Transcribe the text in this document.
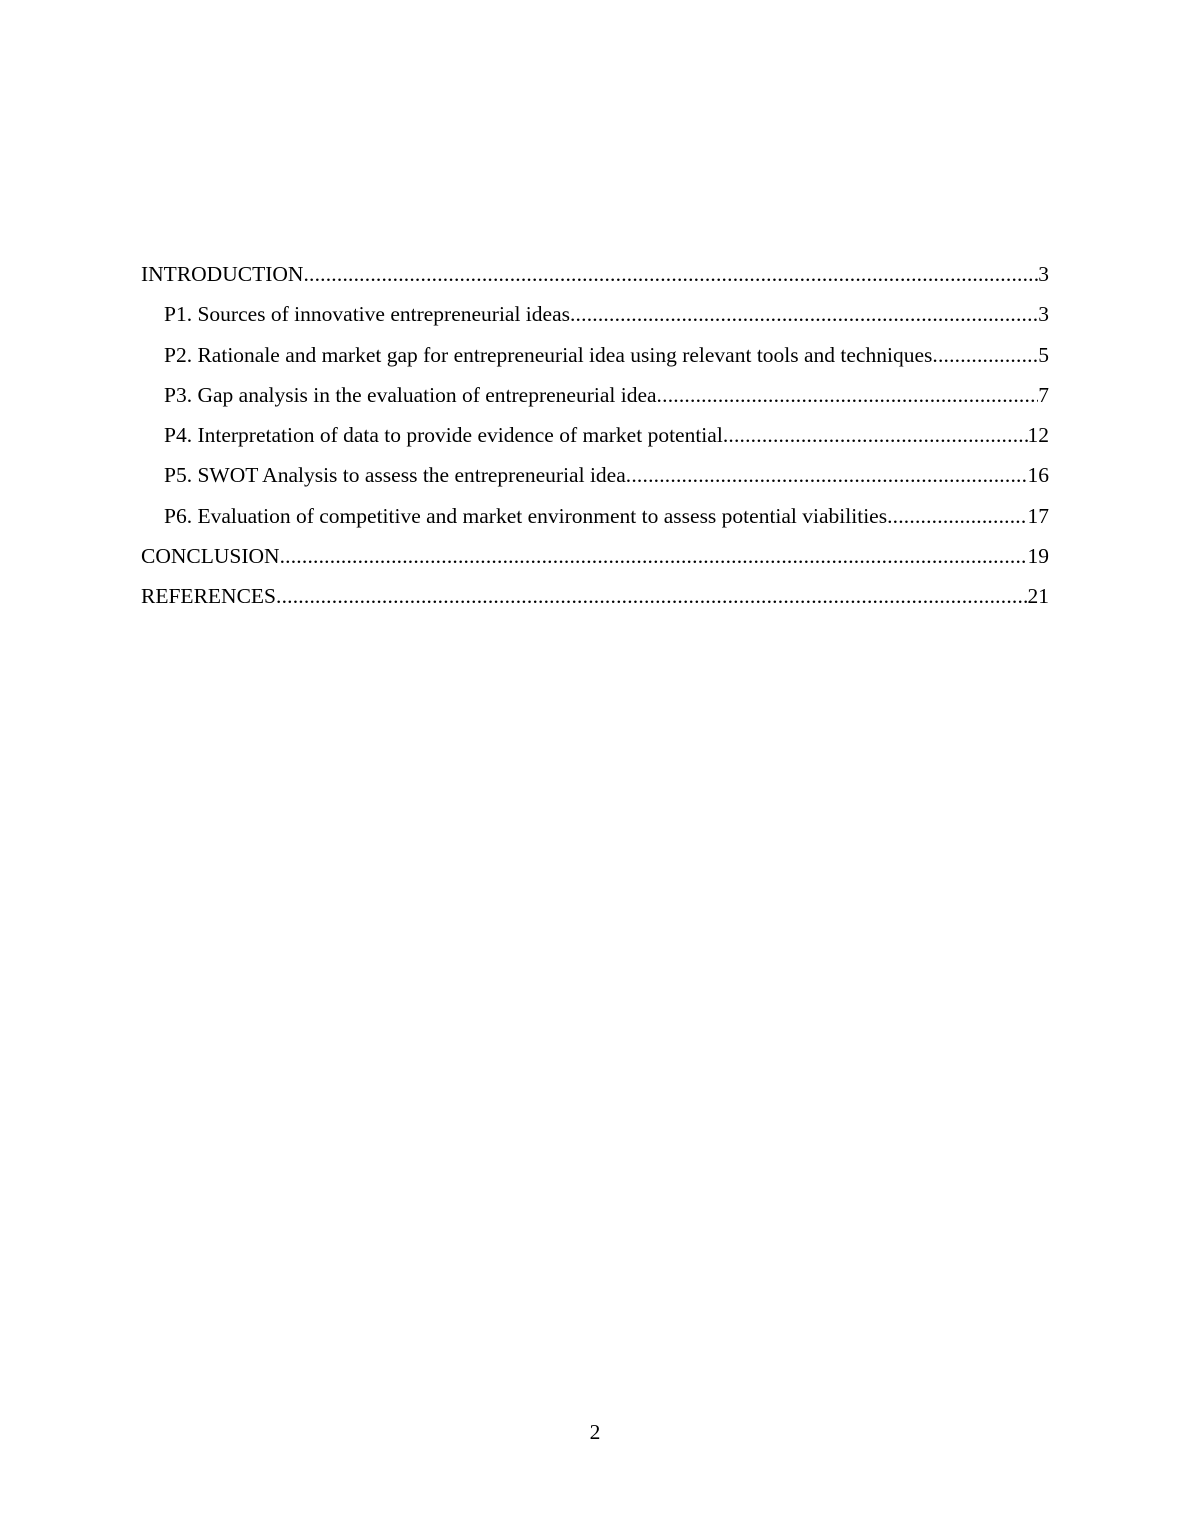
INTRODUCTION .....	3
P1. Sources of innovative entrepreneurial ideas .....	3
P2. Rationale and market gap for entrepreneurial idea using relevant tools and techniques .....	5
P3. Gap analysis in the evaluation of entrepreneurial idea .....	7
P4. Interpretation of data to provide evidence of market potential .....	12
P5. SWOT Analysis to assess the entrepreneurial idea .....	16
P6. Evaluation of competitive and market environment to assess potential viabilities .....	17
CONCLUSION .....	19
REFERENCES .....	21
2
